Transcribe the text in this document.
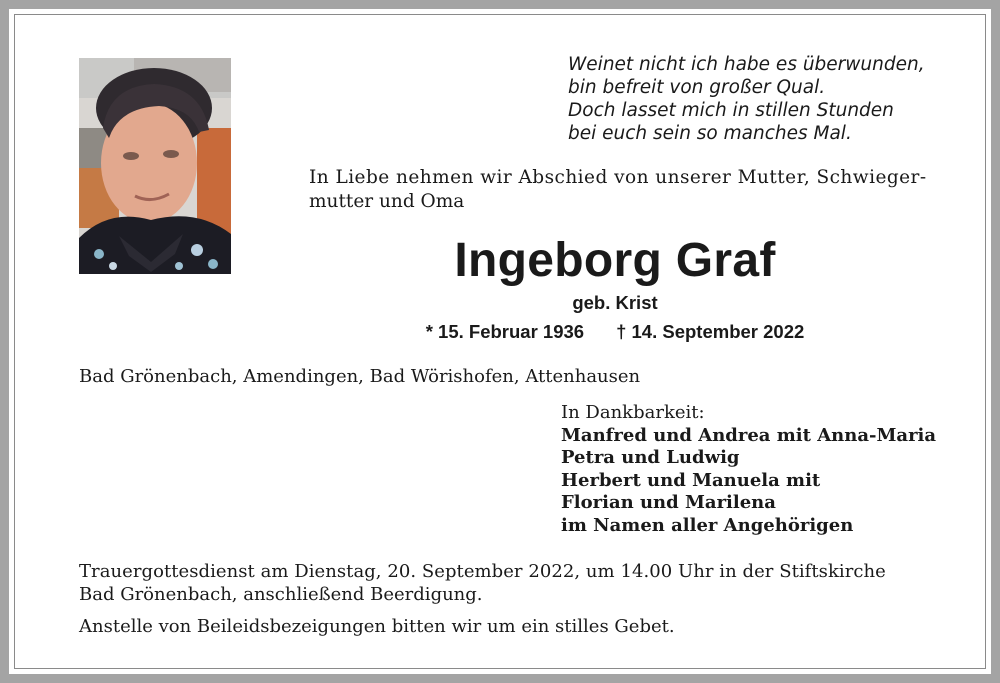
Weinet nicht ich habe es überwunden,
bin befreit von großer Qual.
Doch lasset mich in stillen Stunden
bei euch sein so manches Mal.
In Liebe nehmen wir Abschied von unserer Mutter, Schwieger-
mutter und Oma
Ingeborg Graf
geb. Krist
* 15. Februar 1936 † 14. September 2022
Bad Grönenbach, Amendingen, Bad Wörishofen, Attenhausen
In Dankbarkeit:
Manfred und Andrea mit Anna-Maria
Petra und Ludwig
Herbert und Manuela mit
Florian und Marilena
im Namen aller Angehörigen
Trauergottesdienst am Dienstag, 20. September 2022, um 14.00 Uhr in der Stiftskirche
Bad Grönenbach, anschließend Beerdigung.
Anstelle von Beileidsbezeigungen bitten wir um ein stilles Gebet.
